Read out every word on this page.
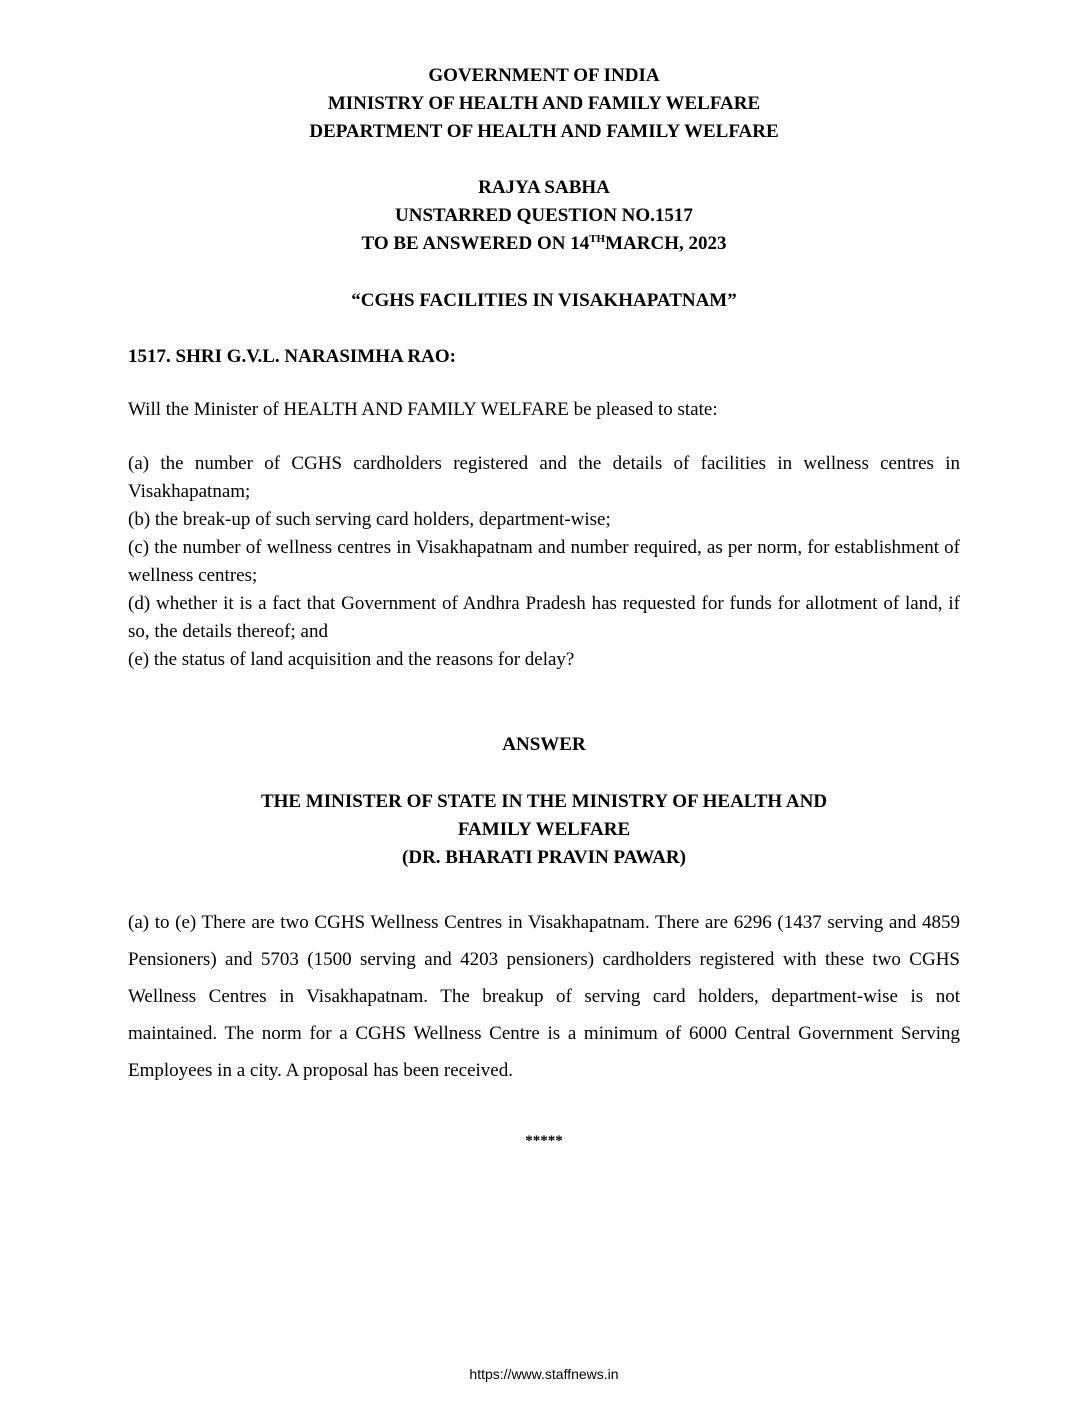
GOVERNMENT OF INDIA
MINISTRY OF HEALTH AND FAMILY WELFARE
DEPARTMENT OF HEALTH AND FAMILY WELFARE
RAJYA SABHA
UNSTARRED QUESTION NO.1517
TO BE ANSWERED ON 14THMARCH, 2023
“CGHS FACILITIES IN VISAKHAPATNAM”
1517. SHRI G.V.L. NARASIMHA RAO:
Will the Minister of HEALTH AND FAMILY WELFARE be pleased to state:
(a) the number of CGHS cardholders registered and the details of facilities in wellness centres in Visakhapatnam;
(b) the break-up of such serving card holders, department-wise;
(c) the number of wellness centres in Visakhapatnam and number required, as per norm, for establishment of wellness centres;
(d) whether it is a fact that Government of Andhra Pradesh has requested for funds for allotment of land, if so, the details thereof; and
(e) the status of land acquisition and the reasons for delay?
ANSWER
THE MINISTER OF STATE IN THE MINISTRY OF HEALTH AND
FAMILY WELFARE
(DR. BHARATI PRAVIN PAWAR)
(a) to (e) There are two CGHS Wellness Centres in Visakhapatnam. There are 6296 (1437 serving and 4859 Pensioners) and 5703 (1500 serving and 4203 pensioners) cardholders registered with these two CGHS Wellness Centres in Visakhapatnam. The breakup of serving card holders, department-wise is not maintained. The norm for a CGHS Wellness Centre is a minimum of 6000 Central Government Serving Employees in a city. A proposal has been received.
*****
https://www.staffnews.in
